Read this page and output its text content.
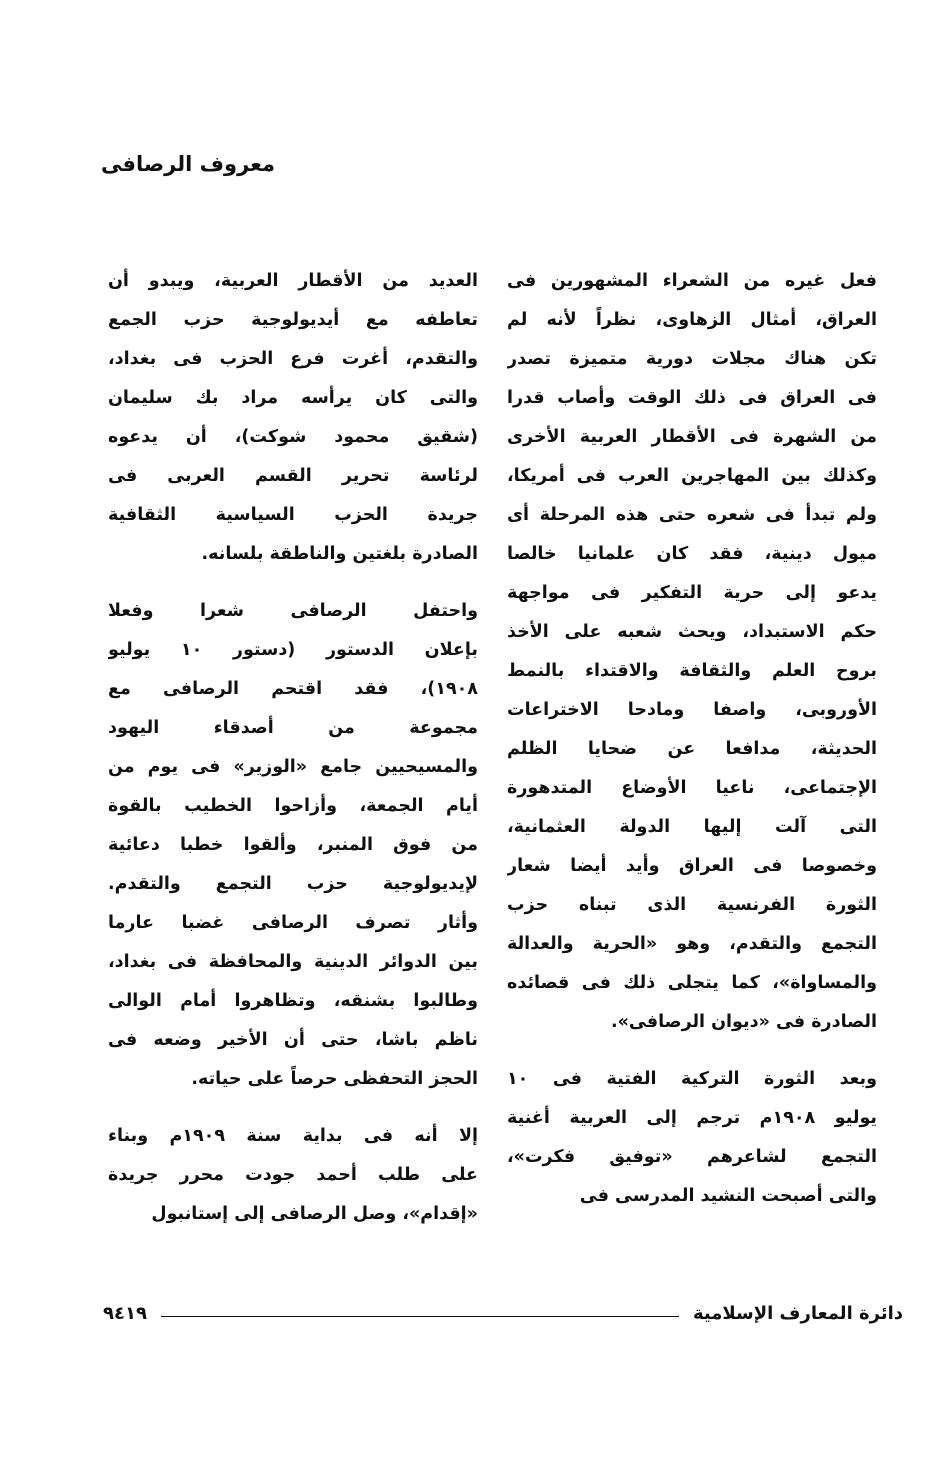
معروف الرصافى
فعل غيره من الشعراء المشهورين فى
العراق، أمثال الزهاوى، نظراً لأنه لم
تكن هناك مجلات دورية متميزة تصدر
فى العراق فى ذلك الوقت وأصاب قدرا
من الشهرة فى الأقطار العربية الأخرى
وكذلك بين المهاجرين العرب فى أمريكا،
ولم تبدأ فى شعره حتى هذه المرحلة أى
ميول دينية، فقد كان علمانيا خالصا
يدعو إلى حرية التفكير فى مواجهة
حكم الاستبداد، ويحث شعبه على الأخذ
بروح العلم والثقافة والاقتداء بالنمط
الأوروبى، واصفا ومادحا الاختراعات
الحديثة، مدافعا عن ضحايا الظلم
الإجتماعى، ناعيا الأوضاع المتدهورة
التى آلت إليها الدولة العثمانية،
وخصوصا فى العراق وأيد أيضا شعار
الثورة الفرنسية الذى تبناه حزب
التجمع والتقدم، وهو «الحرية والعدالة
والمساواة»، كما يتجلى ذلك فى قصائده
الصادرة فى «ديوان الرصافى».
وبعد الثورة التركية الفتية فى ١٠
يوليو ١٩٠٨م ترجم إلى العربية أغنية
التجمع لشاعرهم «توفيق فكرت»،
والتى أصبحت النشيد المدرسى فى
العديد من الأقطار العربية، ويبدو أن
تعاطفه مع أيديولوجية حزب الجمع
والتقدم، أغرت فرع الحزب فى بغداد،
والتى كان يرأسه مراد بك سليمان
(شقيق محمود شوكت)، أن يدعوه
لرئاسة تحرير القسم العربى فى
جريدة الحزب السياسية الثقافية
الصادرة بلغتين والناطقة بلسانه.
واحتفل الرصافى شعرا وفعلا
بإعلان الدستور (دستور ١٠ يوليو
١٩٠٨)، فقد اقتحم الرصافى مع
مجموعة من أصدقاء اليهود
والمسيحيين جامع «الوزير» فى يوم من
أيام الجمعة، وأزاحوا الخطيب بالقوة
من فوق المنبر، وألقوا خطبا دعائية
لإيديولوجية حزب التجمع والتقدم.
وأثار تصرف الرصافى غضبا عارما
بين الدوائر الدينية والمحافظة فى بغداد،
وطالبوا بشنقه، وتظاهروا أمام الوالى
ناظم باشا، حتى أن الأخير وضعه فى
الحجز التحفظى حرصاً على حياته.
إلا أنه فى بداية سنة ١٩٠٩م وبناء
على طلب أحمد جودت محرر جريدة
«إقدام»، وصل الرصافى إلى إستانبول
دائرة المعارف الإسلامية
٩٤١٩
